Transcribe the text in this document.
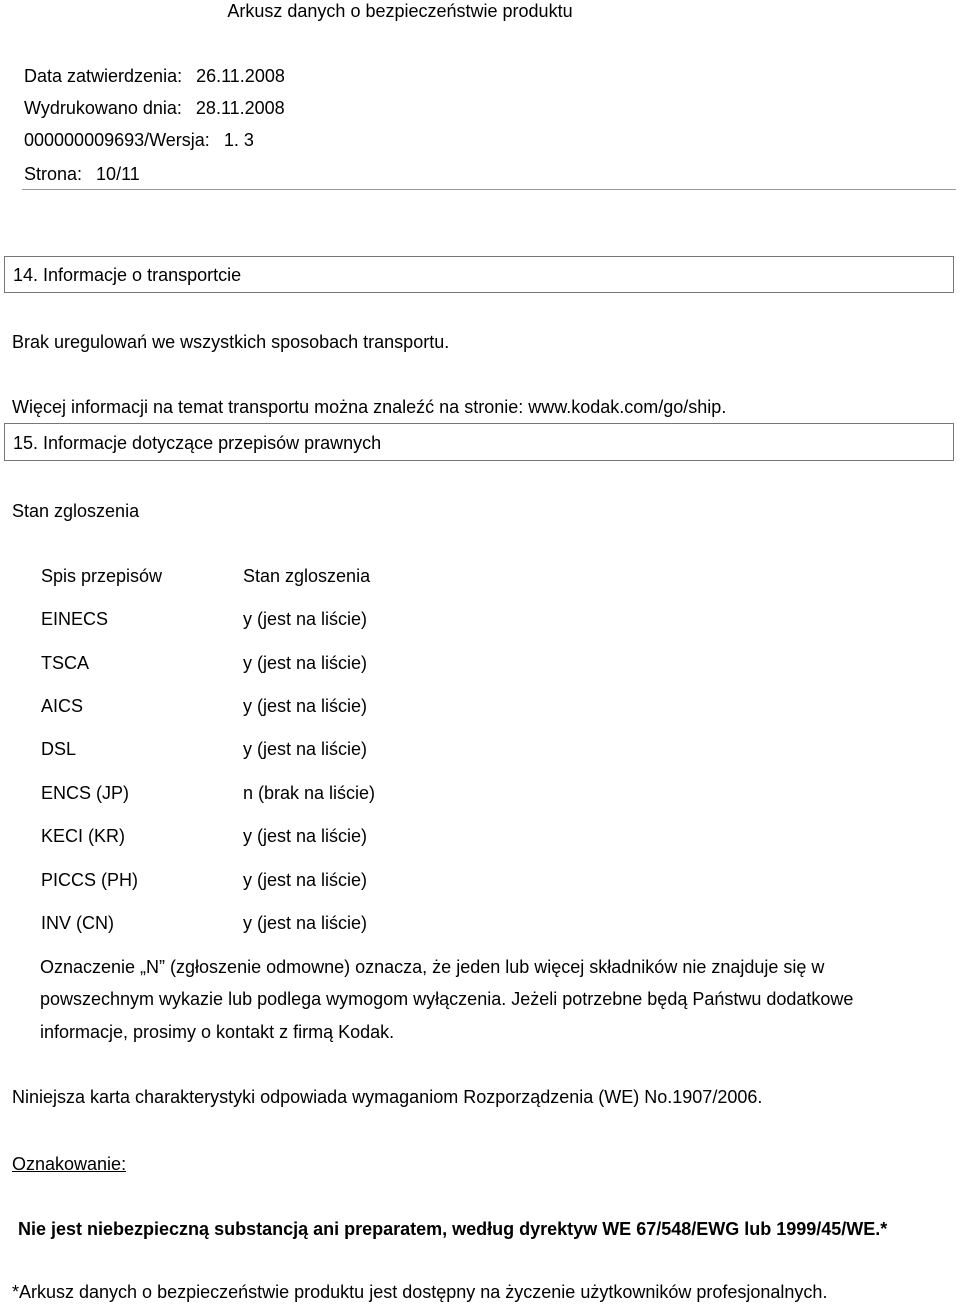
Arkusz danych o bezpieczeństwie produktu
Data zatwierdzenia: 26.11.2008
Wydrukowano dnia: 28.11.2008
000000009693/Wersja: 1. 3
Strona: 10/11
14. Informacje o transportcie
Brak uregulowań we wszystkich sposobach transportu.
Więcej informacji na temat transportu można znaleźć na stronie: www.kodak.com/go/ship.
15. Informacje dotyczące przepisów prawnych
Stan zgloszenia
Spis przepisów	Stan zgloszenia
EINECS	y (jest na liście)
TSCA	y (jest na liście)
AICS	y (jest na liście)
DSL	y (jest na liście)
ENCS (JP)	n (brak na liście)
KECI (KR)	y (jest na liście)
PICCS (PH)	y (jest na liście)
INV (CN)	y (jest na liście)
Oznaczenie „N” (zgłoszenie odmowne) oznacza, że jeden lub więcej składników nie znajduje się w
powszechnym wykazie lub podlega wymogom wyłączenia. Jeżeli potrzebne będą Państwu dodatkowe
informacje, prosimy o kontakt z firmą Kodak.
Niniejsza karta charakterystyki odpowiada wymaganiom Rozporządzenia (WE) No.1907/2006.
Oznakowanie:
Nie jest niebezpieczną substancją ani preparatem, według dyrektyw WE 67/548/EWG lub 1999/45/WE.*
*Arkusz danych o bezpieczeństwie produktu jest dostępny na życzenie użytkowników profesjonalnych.
